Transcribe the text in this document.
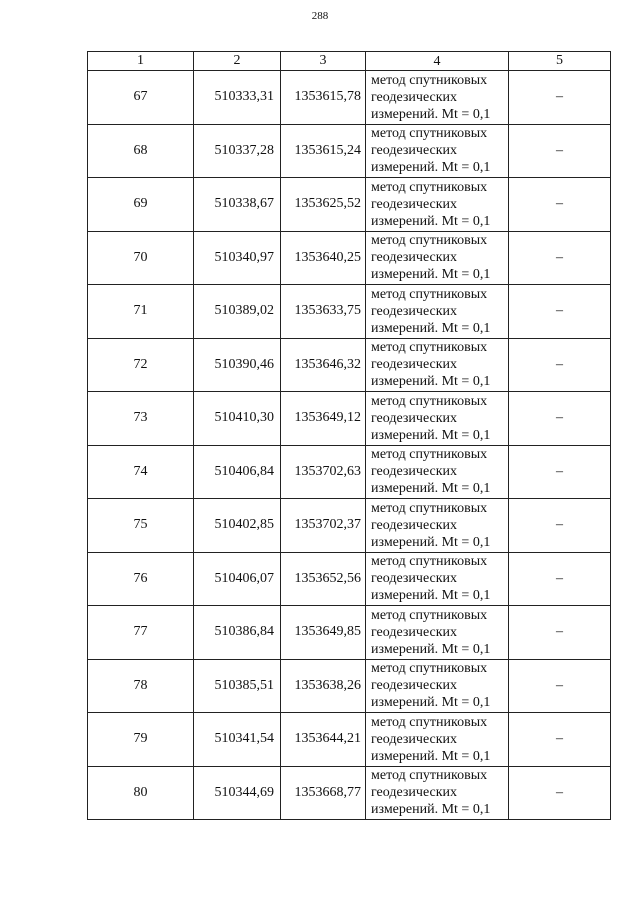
288
1	2	3	4	5
67	510333,31	1353615,78	метод спутниковых
геодезических
измерений. Mt = 0,1	–
68	510337,28	1353615,24	метод спутниковых
геодезических
измерений. Mt = 0,1	–
69	510338,67	1353625,52	метод спутниковых
геодезических
измерений. Mt = 0,1	–
70	510340,97	1353640,25	метод спутниковых
геодезических
измерений. Mt = 0,1	–
71	510389,02	1353633,75	метод спутниковых
геодезических
измерений. Mt = 0,1	–
72	510390,46	1353646,32	метод спутниковых
геодезических
измерений. Mt = 0,1	–
73	510410,30	1353649,12	метод спутниковых
геодезических
измерений. Mt = 0,1	–
74	510406,84	1353702,63	метод спутниковых
геодезических
измерений. Mt = 0,1	–
75	510402,85	1353702,37	метод спутниковых
геодезических
измерений. Mt = 0,1	–
76	510406,07	1353652,56	метод спутниковых
геодезических
измерений. Mt = 0,1	–
77	510386,84	1353649,85	метод спутниковых
геодезических
измерений. Mt = 0,1	–
78	510385,51	1353638,26	метод спутниковых
геодезических
измерений. Mt = 0,1	–
79	510341,54	1353644,21	метод спутниковых
геодезических
измерений. Mt = 0,1	–
80	510344,69	1353668,77	метод спутниковых
геодезических
измерений. Mt = 0,1	–
